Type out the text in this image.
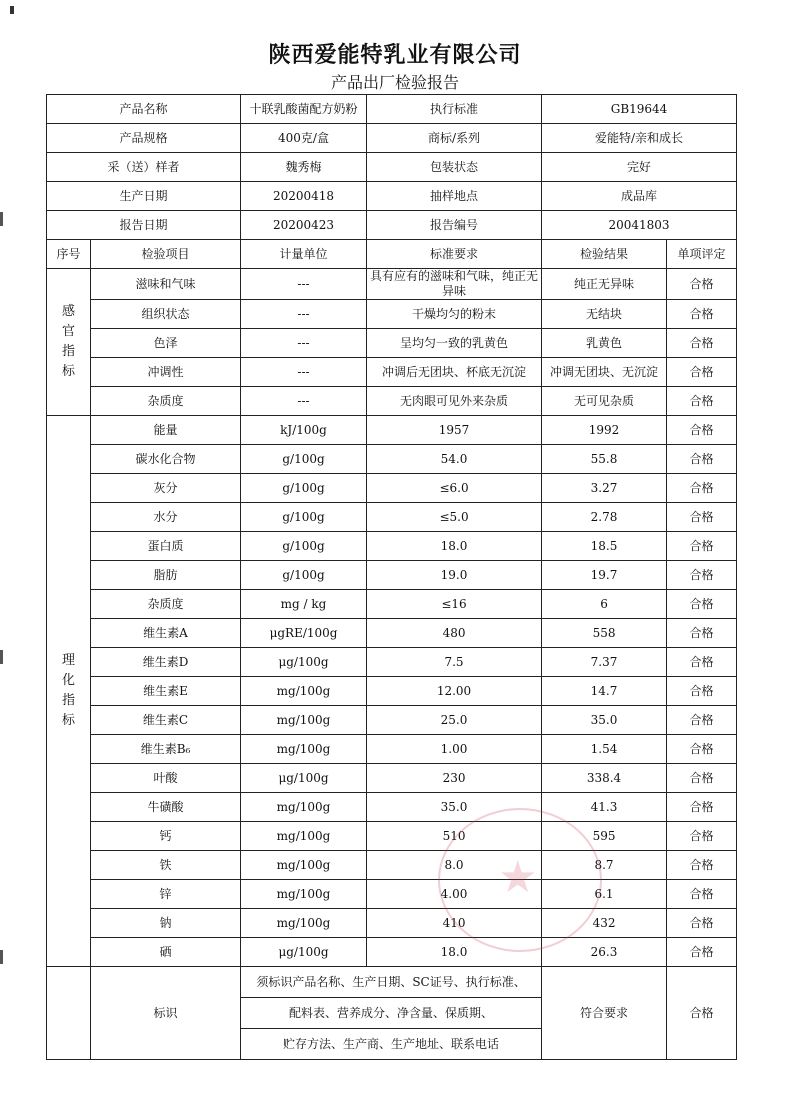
陕西爱能特乳业有限公司
产品出厂检验报告
产品名称		十联乳酸菌配方奶粉	执行标准	GB19644	
产品规格		400克/盒	商标/系列	爱能特/亲和成长	
采（送）样者		魏秀梅	包装状态	完好	
生产日期		20200418	抽样地点	成品库	
报告日期		20200423	报告编号	20041803	
序号	检验项目	计量单位	标准要求	检验结果	单项评定
感官指标	滋味和气味	---	具有应有的滋味和气味，纯正无异味	纯正无异味	合格
	组织状态	---	干燥均匀的粉末	无结块	合格
	色泽	---	呈均匀一致的乳黄色	乳黄色	合格
	冲调性	---	冲调后无团块、杯底无沉淀	冲调无团块、无沉淀	合格
	杂质度	---	无肉眼可见外来杂质	无可见杂质	合格
理化指标	能量	kJ/100g	1957	1992	合格
	碳水化合物	g/100g	54.0	55.8	合格
	灰分	g/100g	≤6.0	3.27	合格
	水分	g/100g	≤5.0	2.78	合格
	蛋白质	g/100g	18.0	18.5	合格
	脂肪	g/100g	19.0	19.7	合格
	杂质度	mg / kg	≤16	6	合格
	维生素A	μgRE/100g	480	558	合格
	维生素D	μg/100g	7.5	7.37	合格
	维生素E	mg/100g	12.00	14.7	合格
	维生素C	mg/100g	25.0	35.0	合格
	维生素B₆	mg/100g	1.00	1.54	合格
	叶酸	μg/100g	230	338.4	合格
	牛磺酸	mg/100g	35.0	41.3	合格
	钙	mg/100g	510	595	合格
	铁	mg/100g	8.0	8.7	合格
	锌	mg/100g	4.00	6.1	合格
	钠	mg/100g	410	432	合格
	硒	μg/100g	18.0	26.3	合格
	标识	须标识产品名称、生产日期、SC证号、执行标准、		符合要求	合格
		配料表、营养成分、净含量、保质期、			
		贮存方法、生产商、生产地址、联系电话			
★
